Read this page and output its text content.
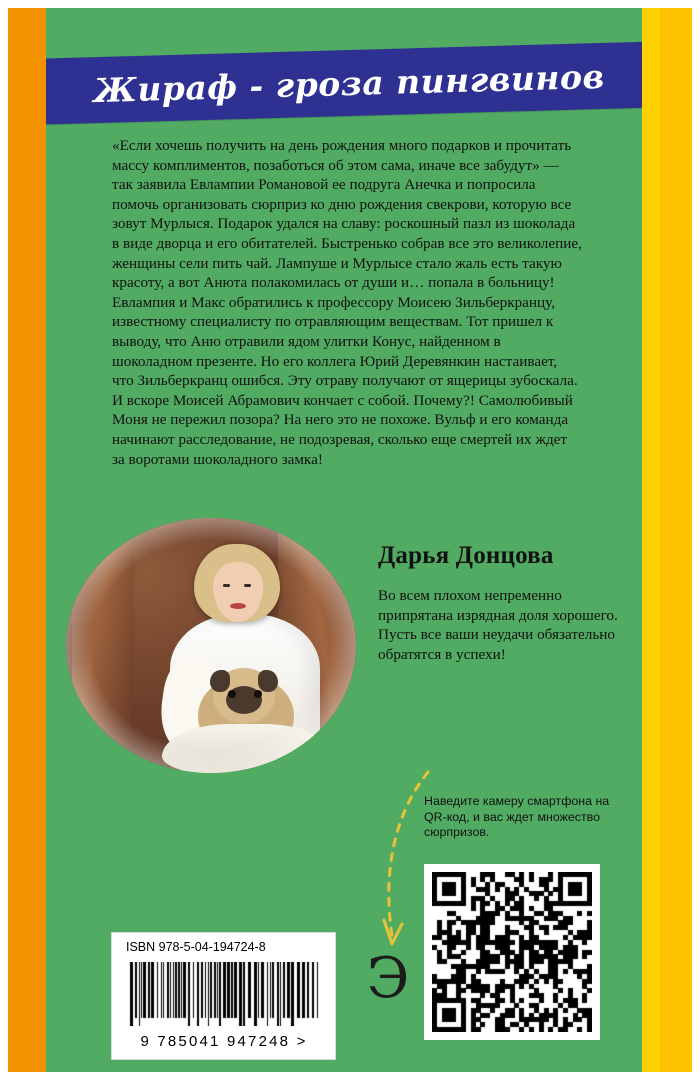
Жираф - гроза пингвинов
«Если хочешь получить на день рождения много подарков и прочитать массу комплиментов, позаботься об этом сама, иначе все забудут» — так заявила Евлампии Романовой ее подруга Анечка и попросила помочь организовать сюрприз ко дню рождения свекрови, которую все зовут Мурлыся. Подарок удался на славу: роскошный пазл из шоколада в виде дворца и его обитателей. Быстренько собрав все это великолепие, женщины сели пить чай. Лампуше и Мурлысе стало жаль есть такую красоту, а вот Анюта полакомилась от души и… попала в больницу! Евлампия и Макс обратились к профессору Моисею Зильберкранцу, известному специалисту по отравляющим веществам. Тот пришел к выводу, что Аню отравили ядом улитки Конус, найденном в шоколадном презенте. Но его коллега Юрий Деревянкин настаивает, что Зильберкранц ошибся. Эту отраву получают от ящерицы зубоскала. И вскоре Моисей Абрамович кончает с собой. Почему?! Самолюбивый Моня не пережил позора? На него это не похоже. Вульф и его команда начинают расследование, не подозревая, сколько еще смертей их ждет за воротами шоколадного замка!
Дарья Донцова
Во всем плохом непременно припрятана изрядная доля хорошего. Пусть все ваши неудачи обязательно обратятся в успехи!
Наведите камеру смартфона на QR-код, и вас ждет множество сюрпризов.
Э
ISBN 978-5-04-194724-8
9 785041 947248 >
